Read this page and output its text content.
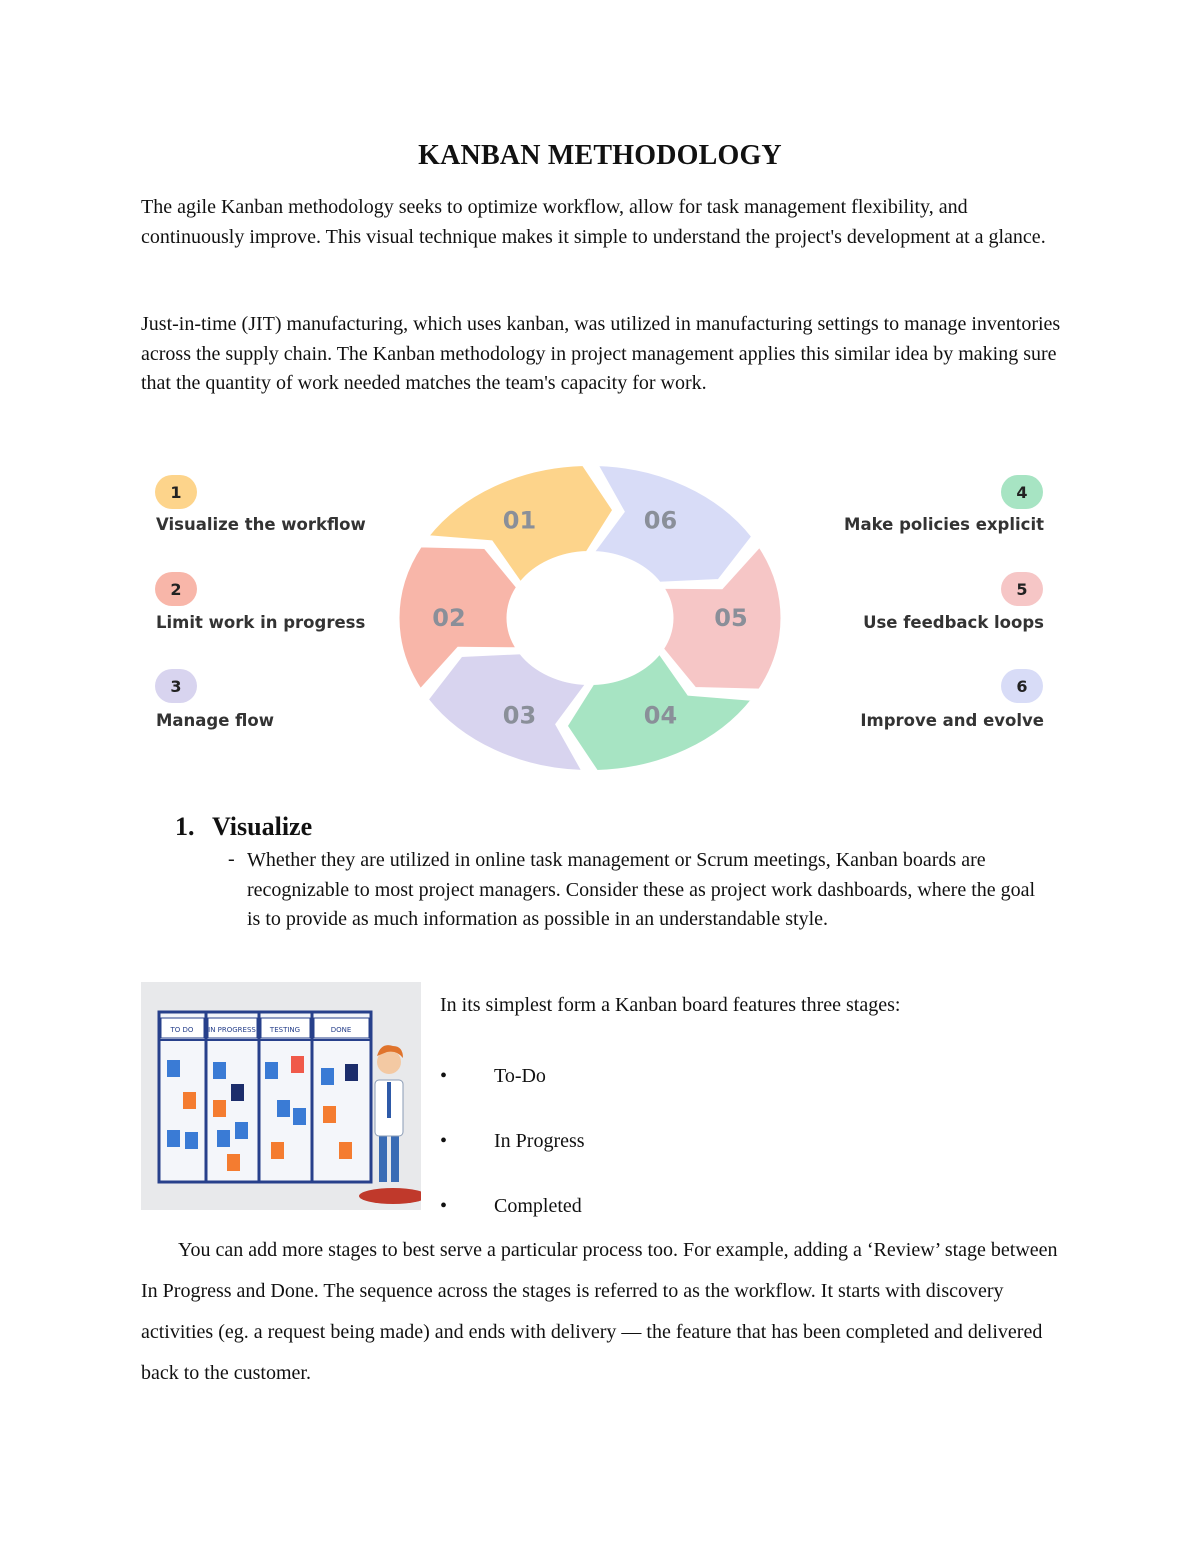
KANBAN METHODOLOGY
The agile Kanban methodology seeks to optimize workflow, allow for task management flexibility, and continuously improve. This visual technique makes it simple to understand the project's development at a glance.
Just-in-time (JIT) manufacturing, which uses kanban, was utilized in manufacturing settings to manage inventories across the supply chain. The Kanban methodology in project management applies this similar idea by making sure that the quantity of work needed matches the team's capacity for work.
1
Visualize the workflow
2
Limit work in progress
3
Manage flow
4
Make policies explicit
5
Use feedback loops
6
Improve and evolve
01
02
03	04
05
06
1. Visualize
- Whether they are utilized in online task management or Scrum meetings, Kanban boards are recognizable to most project managers. Consider these as project work dashboards, where the goal is to provide as much information as possible in an understandable style.
TO DO IN PROGRESS TESTING	DONE
In its simplest form a Kanban board features three stages:
•	To-Do
•	In Progress
•	Completed
You can add more stages to best serve a particular process too. For example, adding a ‘Review’ stage between In Progress and Done. The sequence across the stages is referred to as the workflow. It starts with discovery activities (eg. a request being made) and ends with delivery — the feature that has been completed and delivered back to the customer.
